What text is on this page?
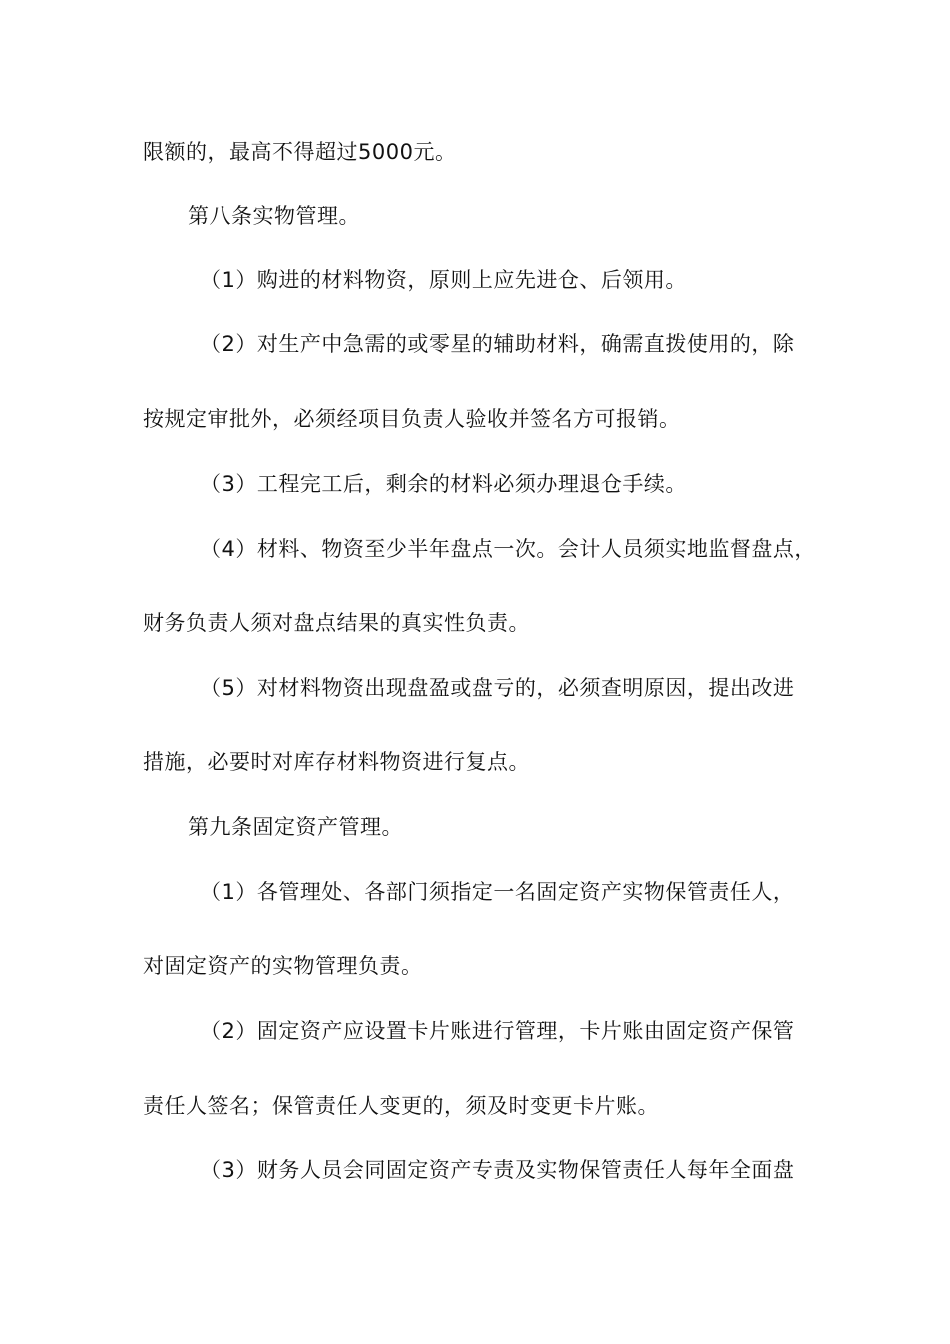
限额的，最高不得超过5000元。
第八条实物管理。
（1）购进的材料物资，原则上应先进仓、后领用。
（2）对生产中急需的或零星的辅助材料，确需直拨使用的，除
按规定审批外，必须经项目负责人验收并签名方可报销。
（3）工程完工后，剩余的材料必须办理退仓手续。
（4）材料、物资至少半年盘点一次。会计人员须实地监督盘点，
财务负责人须对盘点结果的真实性负责。
（5）对材料物资出现盘盈或盘亏的，必须查明原因，提出改进
措施，必要时对库存材料物资进行复点。
第九条固定资产管理。
（1）各管理处、各部门须指定一名固定资产实物保管责任人，
对固定资产的实物管理负责。
（2）固定资产应设置卡片账进行管理，卡片账由固定资产保管
责任人签名；保管责任人变更的，须及时变更卡片账。
（3）财务人员会同固定资产专责及实物保管责任人每年全面盘
